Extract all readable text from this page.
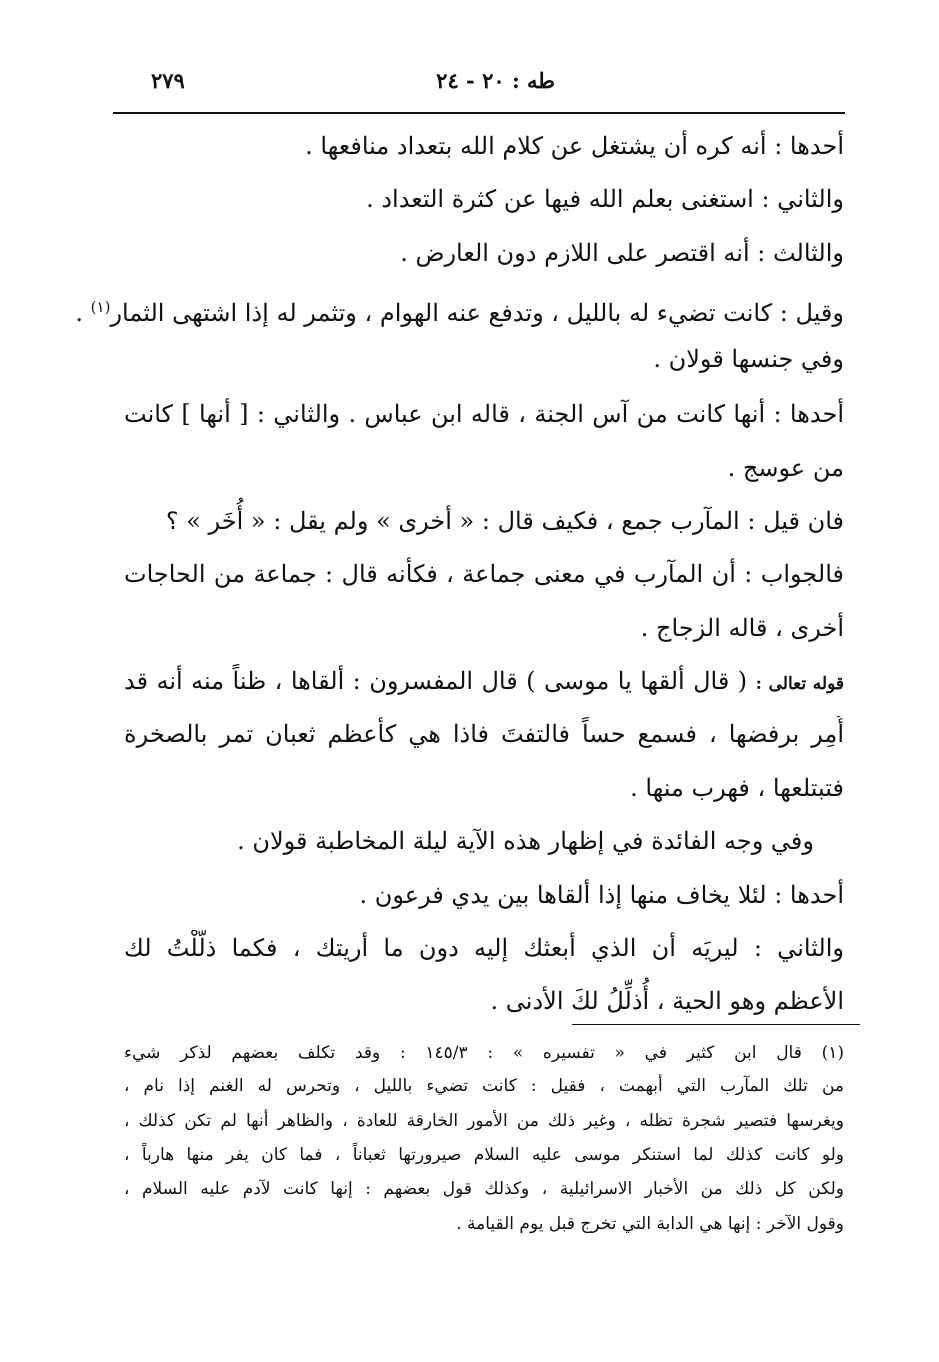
طه : ٢٠ - ٢٤
٢٧٩
أحدها : أنه كره أن يشتغل عن كلام الله بتعداد منافعها .
والثاني : استغنى بعلم الله فيها عن كثرة التعداد .
والثالث : أنه اقتصر على اللازم دون العارض .
وقيل : كانت تضيء له بالليل ، وتدفع عنه الهوام ، وتثمر له إذا اشتهى الثمار$^{(١)}$ .
وفي جنسها قولان .
أحدها : أنها كانت من آس الجنة ، قاله ابن عباس . والثاني : [ أنها ] كانت
من عوسج .
فان قيل : المآرب جمع ، فكيف قال : « أخرى » ولم يقل : « أُخَر » ؟
فالجواب : أن المآرب في معنى جماعة ، فكأنه قال : جماعة من الحاجات
أخرى ، قاله الزجاج .
قوله تعالى : ( قال ألقها يا موسى ) قال المفسرون : ألقاها ، ظناً منه أنه قد
أُمِر برفضها ، فسمع حساً فالتفتَ فاذا هي كأعظم ثعبان تمر بالصخرة
فتبتلعها ، فهرب منها .
وفي وجه الفائدة في إظهار هذه الآية ليلة المخاطبة قولان .
أحدها : لئلا يخاف منها إذا ألقاها بين يدي فرعون .
والثاني : ليريَه أن الذي أبعثك إليه دون ما أريتك ، فكما ذلَّلْتُ لك
الأعظم وهو الحية ، أُذلِّلُ لكَ الأدنى .
(١) قال ابن كثير في « تفسيره » : ١٤٥/٣ : وقد تكلف بعضهم لذكر شيء
من تلك المآرب التي أبهمت ، فقيل : كانت تضيء بالليل ، وتحرس له الغنم إذا نام ،
ويغرسها فتصير شجرة تظله ، وغير ذلك من الأمور الخارقة للعادة ، والظاهر أنها لم تكن كذلك ،
ولو كانت كذلك لما استنكر موسى عليه السلام صيرورتها ثعباناً ، فما كان يفر منها هارباً ،
ولكن كل ذلك من الأخبار الاسرائيلية ، وكذلك قول بعضهم : إنها كانت لآدم عليه السلام ،
وقول الآخر : إنها هي الدابة التي تخرج قبل يوم القيامة .
